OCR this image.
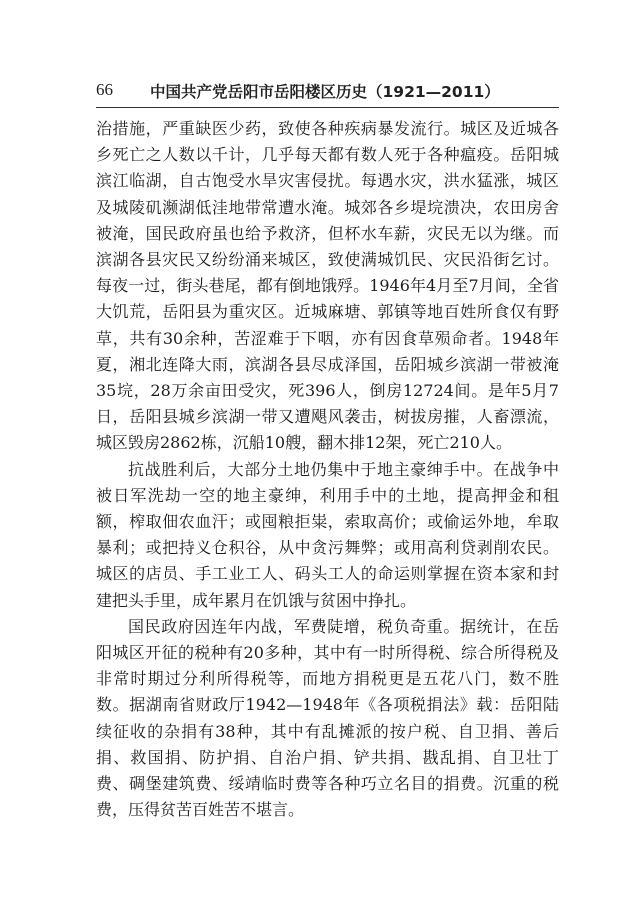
66 中国共产党岳阳市岳阳楼区历史（1921—2011）

治措施，严重缺医少药，致使各种疾病暴发流行。城区及近城各乡死亡之人数以千计，几乎每天都有数人死于各种瘟疫。岳阳城滨江临湖，自古饱受水旱灾害侵扰。每遇水灾，洪水猛涨，城区及城陵矶濒湖低洼地带常遭水淹。城郊各乡堤垸溃决，农田房舍被淹，国民政府虽也给予救济，但杯水车薪，灾民无以为继。而滨湖各县灾民又纷纷涌来城区，致使满城饥民、灾民沿街乞讨。每夜一过，街头巷尾，都有倒地饿殍。1946年4月至7月间，全省大饥荒，岳阳县为重灾区。近城麻塘、郭镇等地百姓所食仅有野草，共有30余种，苦涩难于下咽，亦有因食草殒命者。1948年夏，湘北连降大雨，滨湖各县尽成泽国，岳阳城乡滨湖一带被淹35垸，28万余亩田受灾，死396人，倒房12724间。是年5月7日，岳阳县城乡滨湖一带又遭飓风袭击，树拔房摧，人畜漂流，城区毁房2862栋，沉船10艘，翻木排12架，死亡210人。

抗战胜利后，大部分土地仍集中于地主豪绅手中。在战争中被日军洗劫一空的地主豪绅，利用手中的土地，提高押金和租额，榨取佃农血汗；或囤粮拒粜，索取高价；或偷运外地，牟取暴利；或把持义仓积谷，从中贪污舞弊；或用高利贷剥削农民。城区的店员、手工业工人、码头工人的命运则掌握在资本家和封建把头手里，成年累月在饥饿与贫困中挣扎。

国民政府因连年内战，军费陡增，税负奇重。据统计，在岳阳城区开征的税种有20多种，其中有一时所得税、综合所得税及非常时期过分利所得税等，而地方捐税更是五花八门，数不胜数。据湖南省财政厅1942—1948年《各项税捐法》载：岳阳陆续征收的杂捐有38种，其中有乱摊派的按户税、自卫捐、善后捐、救国捐、防护捐、自治户捐、铲共捐、戡乱捐、自卫壮丁费、碉堡建筑费、绥靖临时费等各种巧立名目的捐费。沉重的税费，压得贫苦百姓苦不堪言。
